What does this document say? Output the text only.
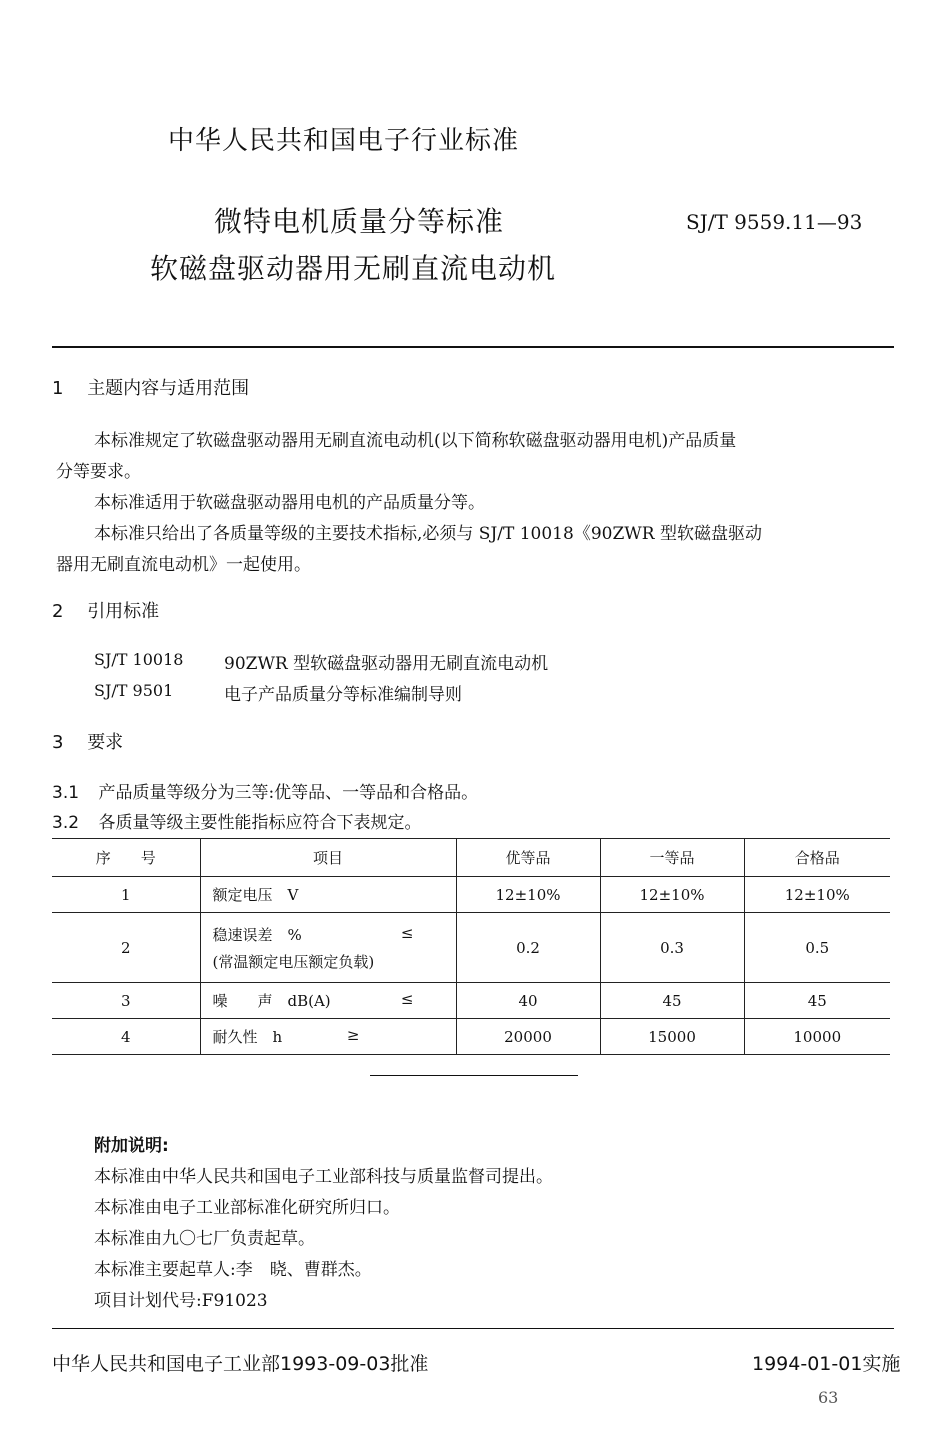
中华人民共和国电子行业标准
微特电机质量分等标准
软磁盘驱动器用无刷直流电动机
SJ/T 9559.11—93
1 主题内容与适用范围
本标准规定了软磁盘驱动器用无刷直流电动机(以下简称软磁盘驱动器用电机)产品质量
分等要求。
本标准适用于软磁盘驱动器用电机的产品质量分等。
本标准只给出了各质量等级的主要技术指标,必须与 SJ/T 10018《90ZWR 型软磁盘驱动
器用无刷直流电动机》一起使用。
2 引用标准
SJ/T 10018 90ZWR 型软磁盘驱动器用无刷直流电动机
SJ/T 9501	电子产品质量分等标准编制导则
3 要求
3.1 产品质量等级分为三等:优等品、一等品和合格品。
3.2 各质量等级主要性能指标应符合下表规定。
序　　号	项目	优等品	一等品	合格品
1	额定电压　V	12±10%	12±10%	12±10%
2	稳速误差　% ≤
(常温额定电压额定负载)	0.2	0.3	0.5
3	噪　　声　dB(A) ≤	40	45	45
4	耐久性　h ≥	20000	15000	10000
附加说明:
本标准由中华人民共和国电子工业部科技与质量监督司提出。
本标准由电子工业部标准化研究所归口。
本标准由九〇七厂负责起草。
本标准主要起草人:李　晓、曹群杰。
项目计划代号:F91023
中华人民共和国电子工业部1993-09-03批准	1994-01-01实施
63
